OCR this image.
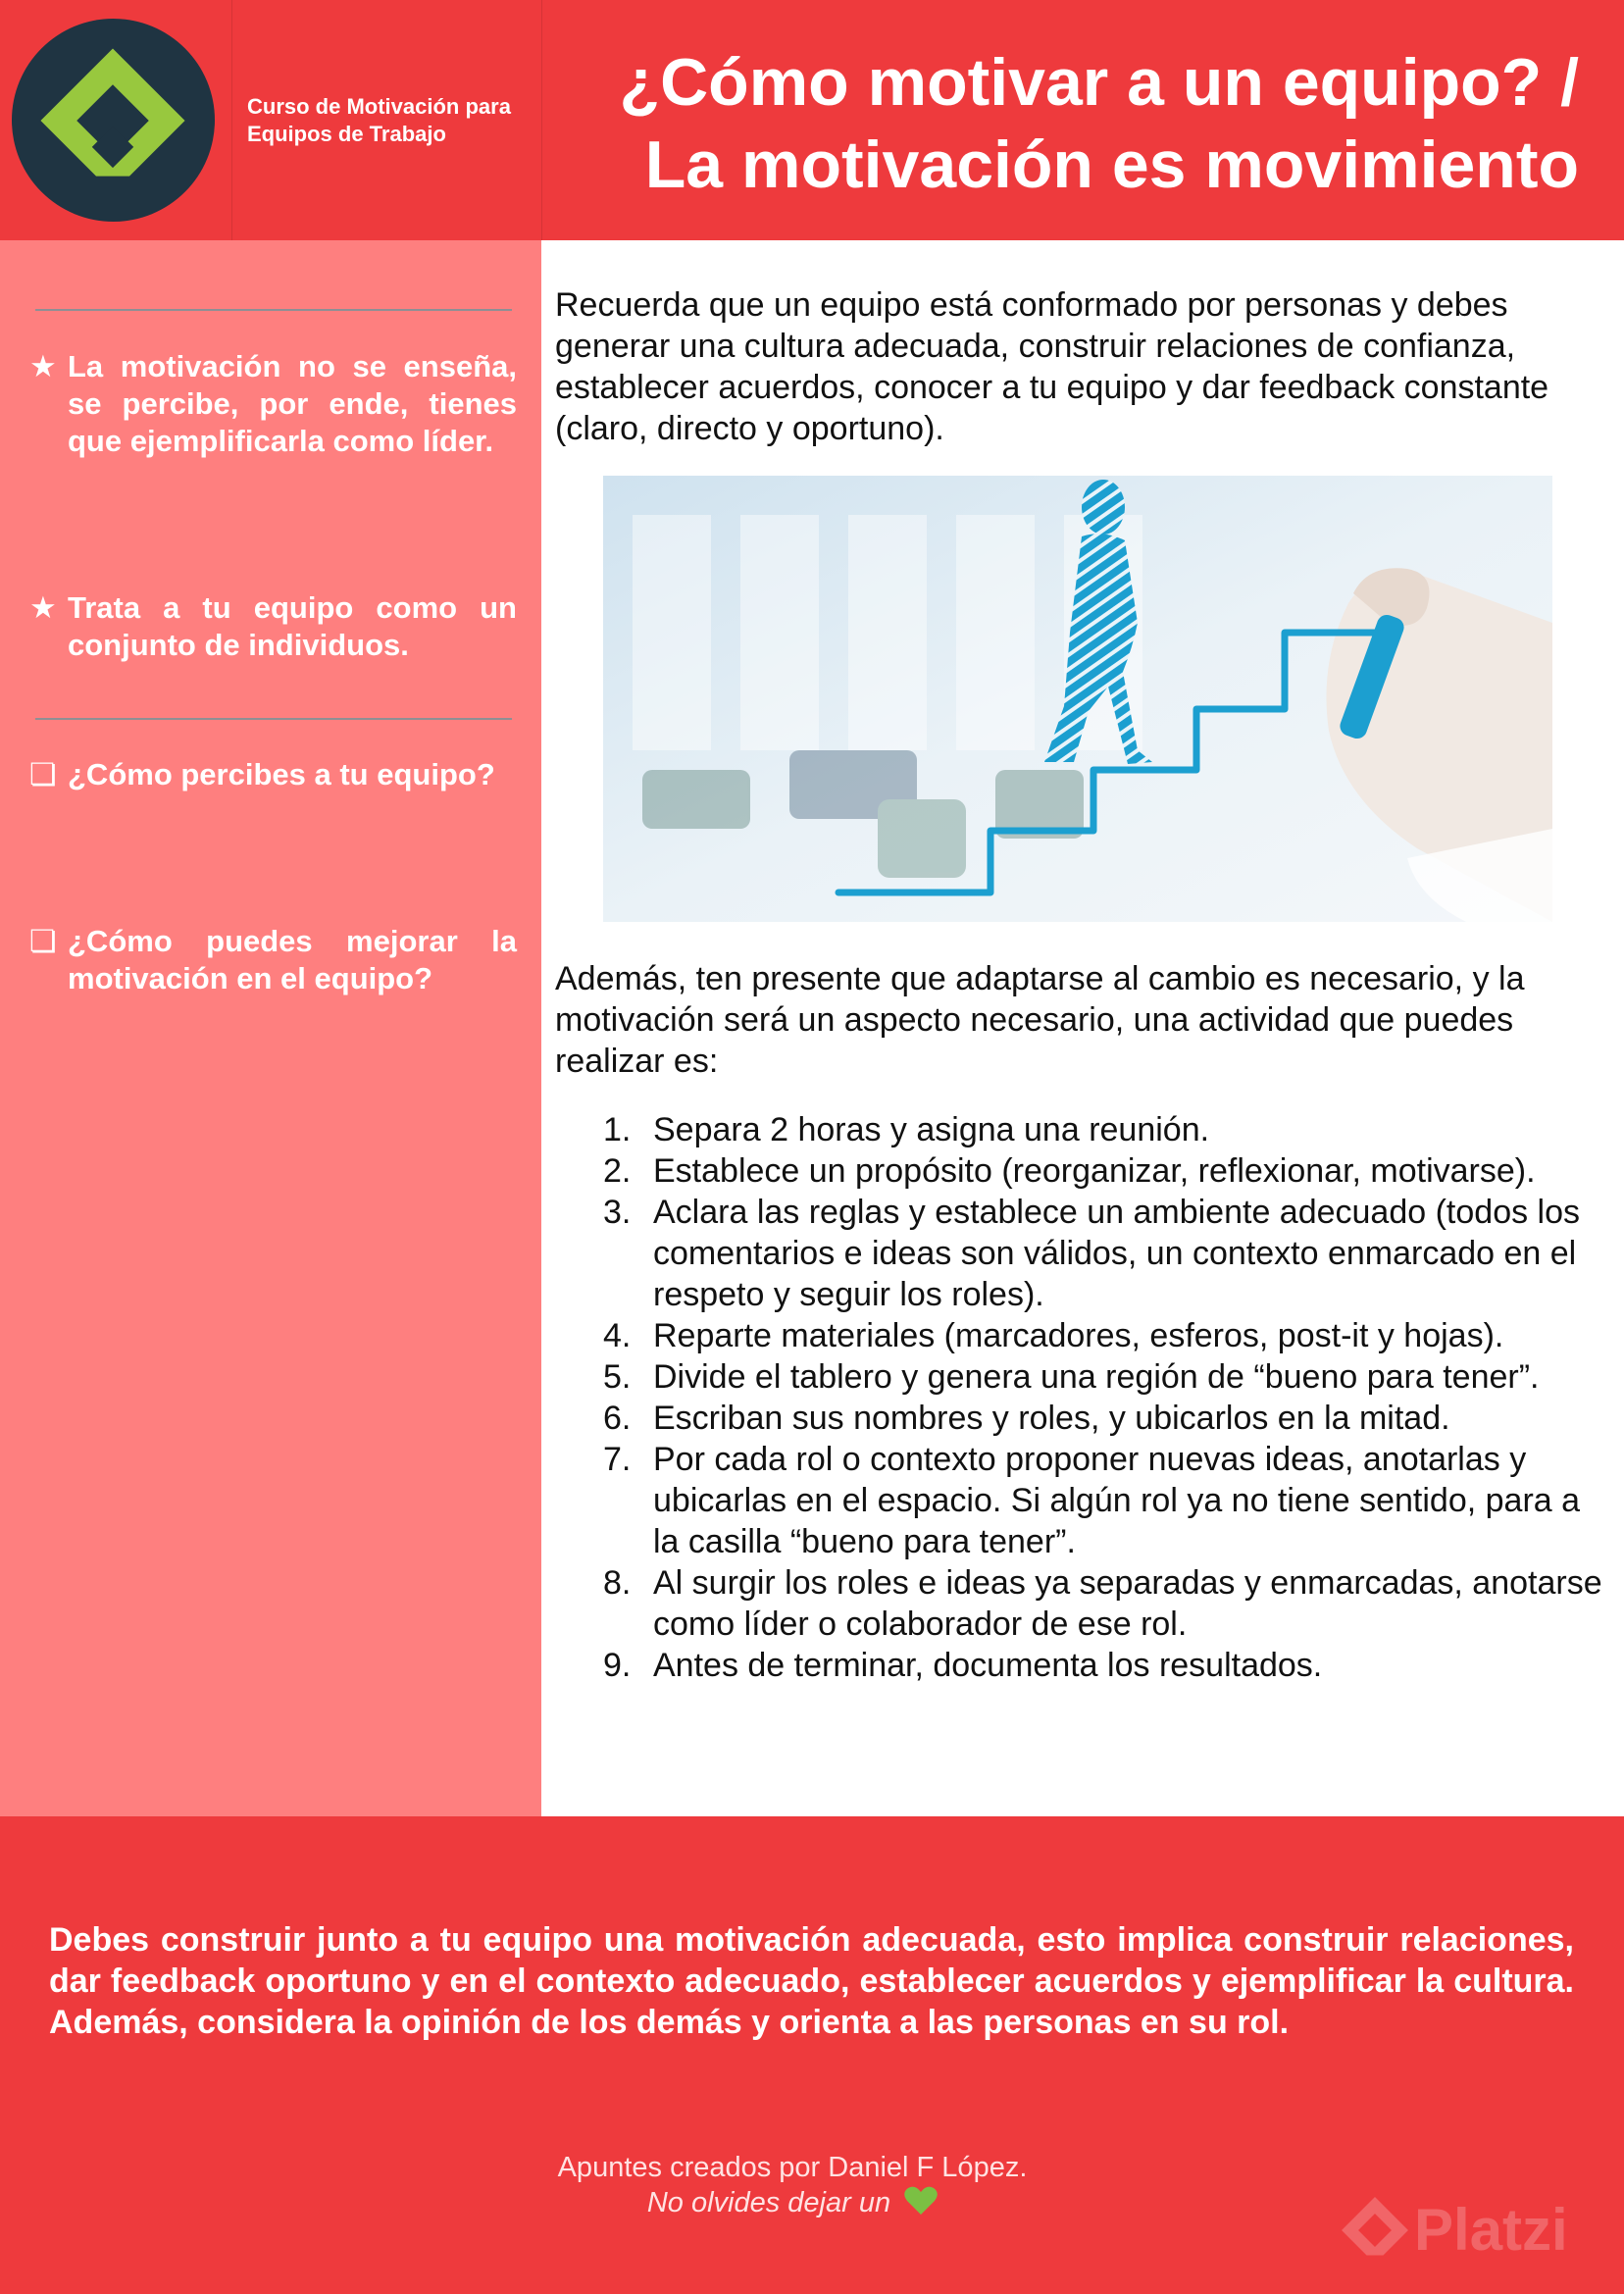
Curso de Motivación para Equipos de Trabajo
¿Cómo motivar a un equipo? / La motivación es movimiento
★ La motivación no se enseña, se percibe, por ende, tienes que ejemplificarla como líder.
★ Trata a tu equipo como un conjunto de individuos.
❏ ¿Cómo percibes a tu equipo?
❏ ¿Cómo puedes mejorar la motivación en el equipo?

Recuerda que un equipo está conformado por personas y debes generar una cultura adecuada, construir relaciones de confianza, establecer acuerdos, conocer a tu equipo y dar feedback constante (claro, directo y oportuno).

Además, ten presente que adaptarse al cambio es necesario, y la motivación será un aspecto necesario, una actividad que puedes realizar es:

1. Separa 2 horas y asigna una reunión.
2. Establece un propósito (reorganizar, reflexionar, motivarse).
3. Aclara las reglas y establece un ambiente adecuado (todos los comentarios e ideas son válidos, un contexto enmarcado en el respeto y seguir los roles).
4. Reparte materiales (marcadores, esferos, post-it y hojas).
5. Divide el tablero y genera una región de “bueno para tener”.
6. Escriban sus nombres y roles, y ubicarlos en la mitad.
7. Por cada rol o contexto proponer nuevas ideas, anotarlas y ubicarlas en el espacio. Si algún rol ya no tiene sentido, para a la casilla “bueno para tener”.
8. Al surgir los roles e ideas ya separadas y enmarcadas, anotarse como líder o colaborador de ese rol.
9. Antes de terminar, documenta los resultados.
Debes construir junto a tu equipo una motivación adecuada, esto implica construir relaciones, dar feedback oportuno y en el contexto adecuado, establecer acuerdos y ejemplificar la cultura. Además, considera la opinión de los demás y orienta a las personas en su rol.
Apuntes creados por Daniel F López.
No olvides dejar un	Platzi
